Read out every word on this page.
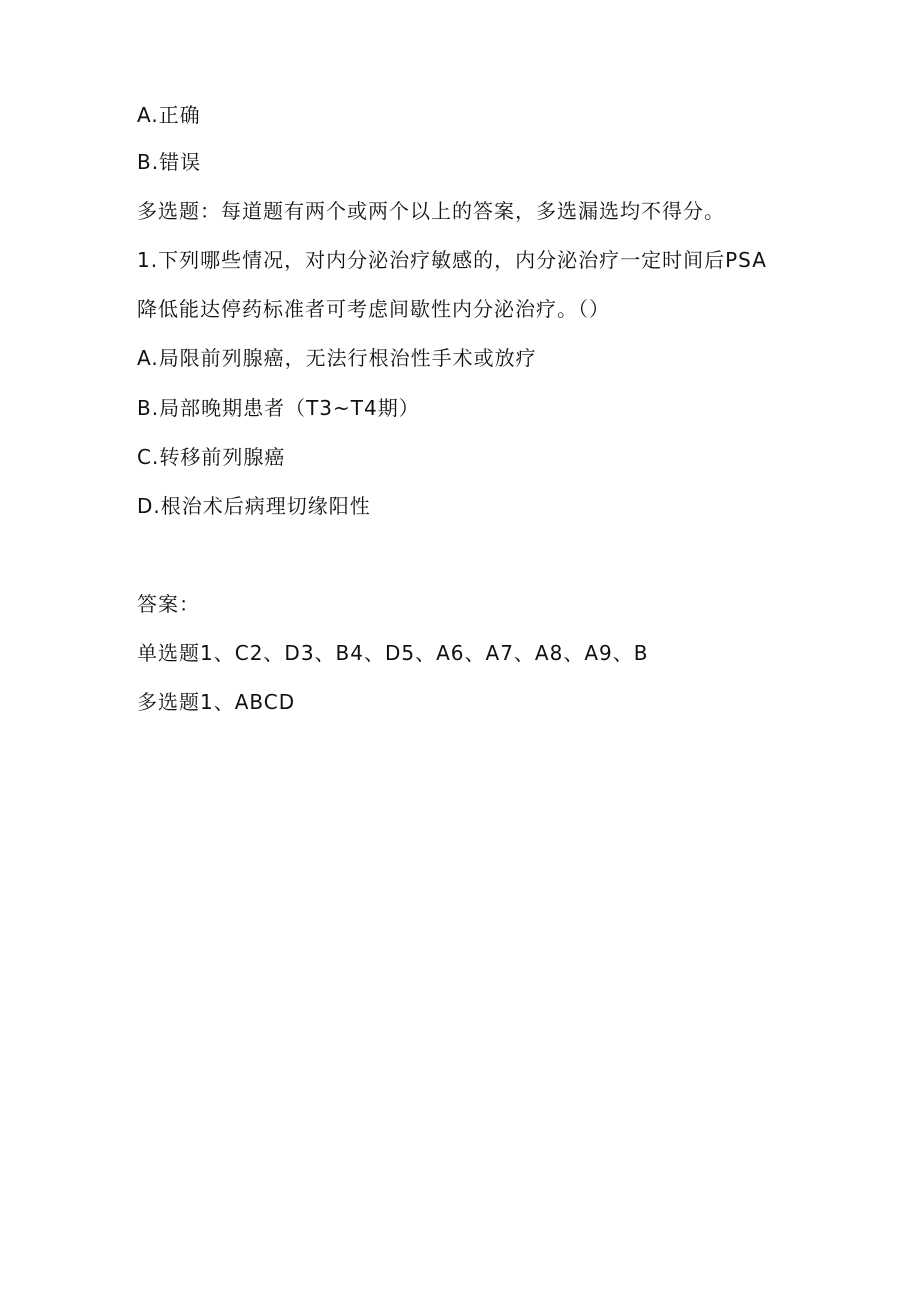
A.正确
B.错误
多选题：每道题有两个或两个以上的答案，多选漏选均不得分。
1.下列哪些情况，对内分泌治疗敏感的，内分泌治疗一定时间后PSA
降低能达停药标准者可考虑间歇性内分泌治疗。（）
A.局限前列腺癌，无法行根治性手术或放疗
B.局部晚期患者（T3~T4期）
C.转移前列腺癌
D.根治术后病理切缘阳性
答案：
单选题1、C2、D3、B4、D5、A6、A7、A8、A9、B
多选题1、ABCD
